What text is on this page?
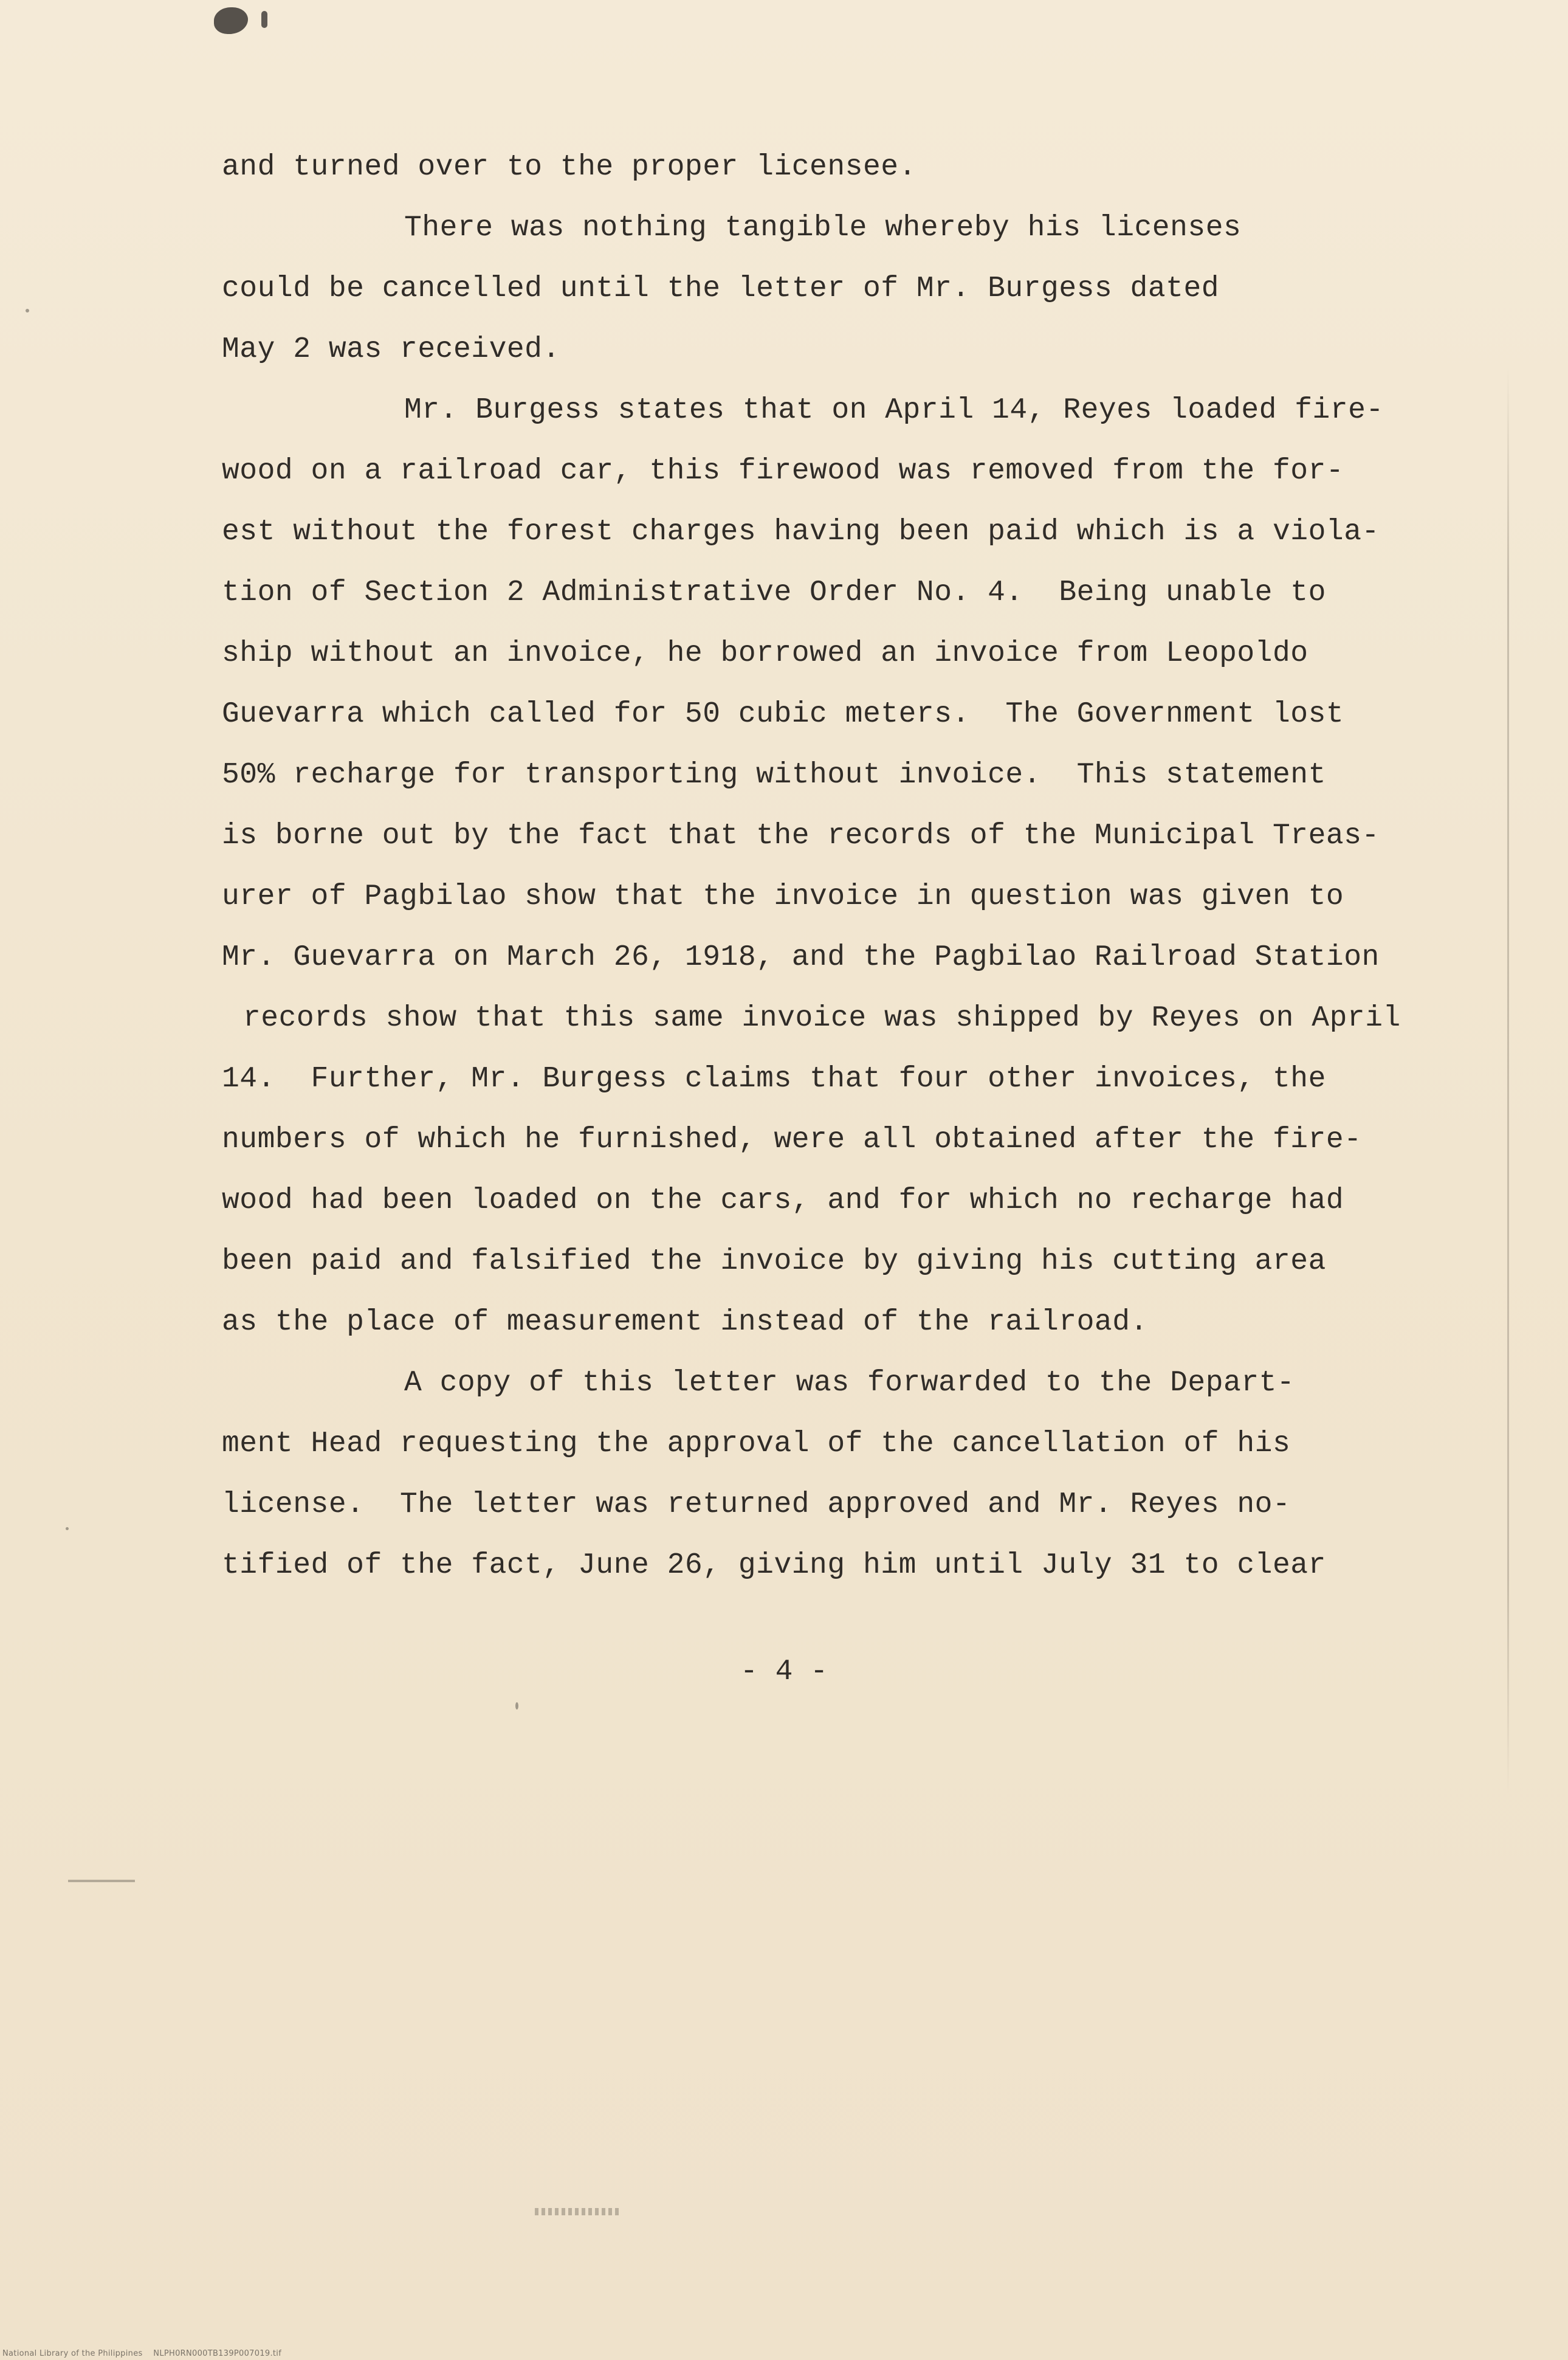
and turned over to the proper licensee.
There was nothing tangible whereby his licenses
could be cancelled until the letter of Mr. Burgess dated
May 2 was received.
Mr. Burgess states that on April 14, Reyes loaded fire-
wood on a railroad car, this firewood was removed from the for-
est without the forest charges having been paid which is a viola-
tion of Section 2 Administrative Order No. 4.  Being unable to
ship without an invoice, he borrowed an invoice from Leopoldo
Guevarra which called for 50 cubic meters.  The Government lost
50% recharge for transporting without invoice.  This statement
is borne out by the fact that the records of the Municipal Treas-
urer of Pagbilao show that the invoice in question was given to
Mr. Guevarra on March 26, 1918, and the Pagbilao Railroad Station
records show that this same invoice was shipped by Reyes on April
14.  Further, Mr. Burgess claims that four other invoices, the
numbers of which he furnished, were all obtained after the fire-
wood had been loaded on the cars, and for which no recharge had
been paid and falsified the invoice by giving his cutting area
as the place of measurement instead of the railroad.
A copy of this letter was forwarded to the Depart-
ment Head requesting the approval of the cancellation of his
license.  The letter was returned approved and Mr. Reyes no-
tified of the fact, June 26, giving him until July 31 to clear
- 4 -
National Library of the Philippines    NLPH0RN000TB139P007019.tif
